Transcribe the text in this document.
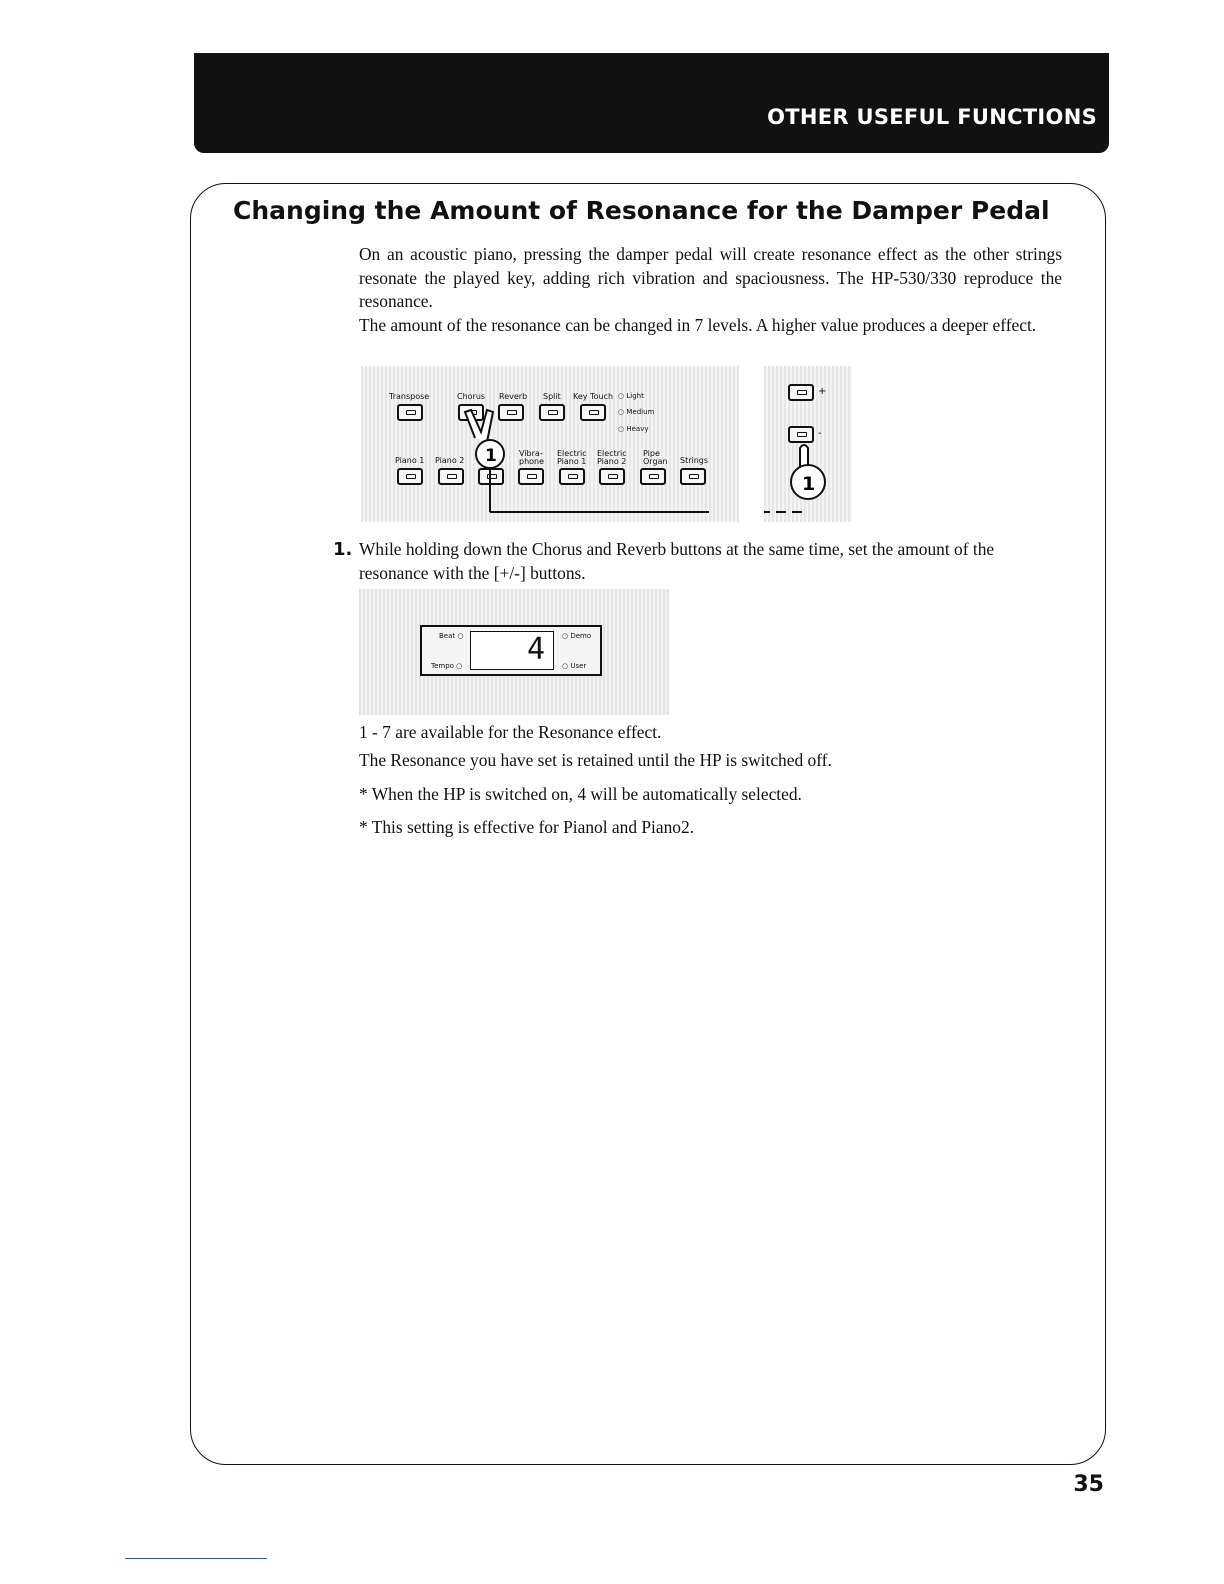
OTHER USEFUL FUNCTIONS
Changing the Amount of Resonance for the Damper Pedal
On an acoustic piano, pressing the damper pedal will create resonance effect as the other strings resonate the played key, adding rich vibration and spaciousness. The HP-530/330 reproduce the resonance.
The amount of the resonance can be changed in 7 levels. A higher value produces a deeper effect.
Transpose	Chorus Reverb Split Key Touch ○ Light
○ Medium
○ Heavy
Piano 1 Piano 2
Vibra-phone
Electric Piano 1
Electric Piano 2
Pipe Organ Strings
1
+
-
1
1. While holding down the Chorus and Reverb buttons at the same time, set the amount of the resonance with the [+/-] buttons.
Beat ○
Tempo ○ 4 ○ Demo
○ User
1 - 7 are available for the Resonance effect.
The Resonance you have set is retained until the HP is switched off.
* When the HP is switched on, 4 will be automatically selected.
* This setting is effective for Pianol and Piano2.
35
